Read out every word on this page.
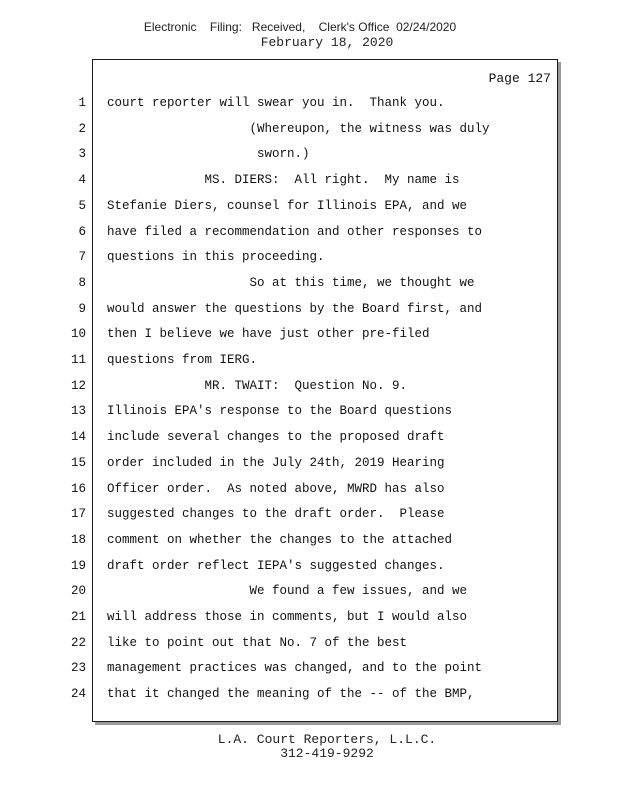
Electronic Filing: Received, Clerk's Office 02/24/2020
February 18, 2020
Page 127
1 court reporter will swear you in.  Thank you.
2 (Whereupon, the witness was duly
3 sworn.)
4 MS. DIERS:  All right.  My name is
5 Stefanie Diers, counsel for Illinois EPA, and we
6 have filed a recommendation and other responses to
7 questions in this proceeding.
8 So at this time, we thought we
9 would answer the questions by the Board first, and
10 then I believe we have just other pre-filed
11 questions from IERG.
12 MR. TWAIT:  Question No. 9.
13 Illinois EPA's response to the Board questions
14 include several changes to the proposed draft
15 order included in the July 24th, 2019 Hearing
16 Officer order.  As noted above, MWRD has also
17 suggested changes to the draft order.  Please
18 comment on whether the changes to the attached
19 draft order reflect IEPA's suggested changes.
20 We found a few issues, and we
21 will address those in comments, but I would also
22 like to point out that No. 7 of the best
23 management practices was changed, and to the point
24 that it changed the meaning of the -- of the BMP,
L.A. Court Reporters, L.L.C.
312-419-9292
